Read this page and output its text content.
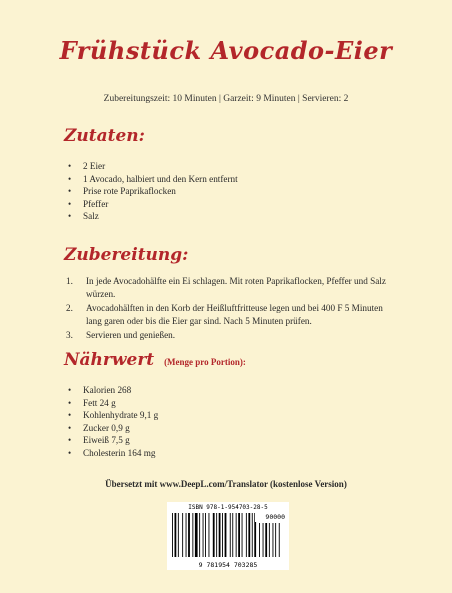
Frühstück Avocado-Eier
Zubereitungszeit: 10 Minuten | Garzeit: 9 Minuten | Servieren: 2
Zutaten:
• 2 Eier
• 1 Avocado, halbiert und den Kern entfernt
• Prise rote Paprikaflocken
• Pfeffer
• Salz
Zubereitung:
1. In jede Avocadohälfte ein Ei schlagen. Mit roten Paprikaflocken, Pfeffer und Salz würzen.
2. Avocadohälften in den Korb der Heißluftfritteuse legen und bei 400 F 5 Minuten lang garen oder bis die Eier gar sind. Nach 5 Minuten prüfen.
3. Servieren und genießen.
Nährwert (Menge pro Portion):
• Kalorien 268
• Fett 24 g
• Kohlenhydrate 9,1 g
• Zucker 0,9 g
• Eiweiß 7,5 g
• Cholesterin 164 mg
Übersetzt mit www.DeepL.com/Translator (kostenlose Version)
ISBN 978-1-954703-28-5
90000
9 781954 703285
